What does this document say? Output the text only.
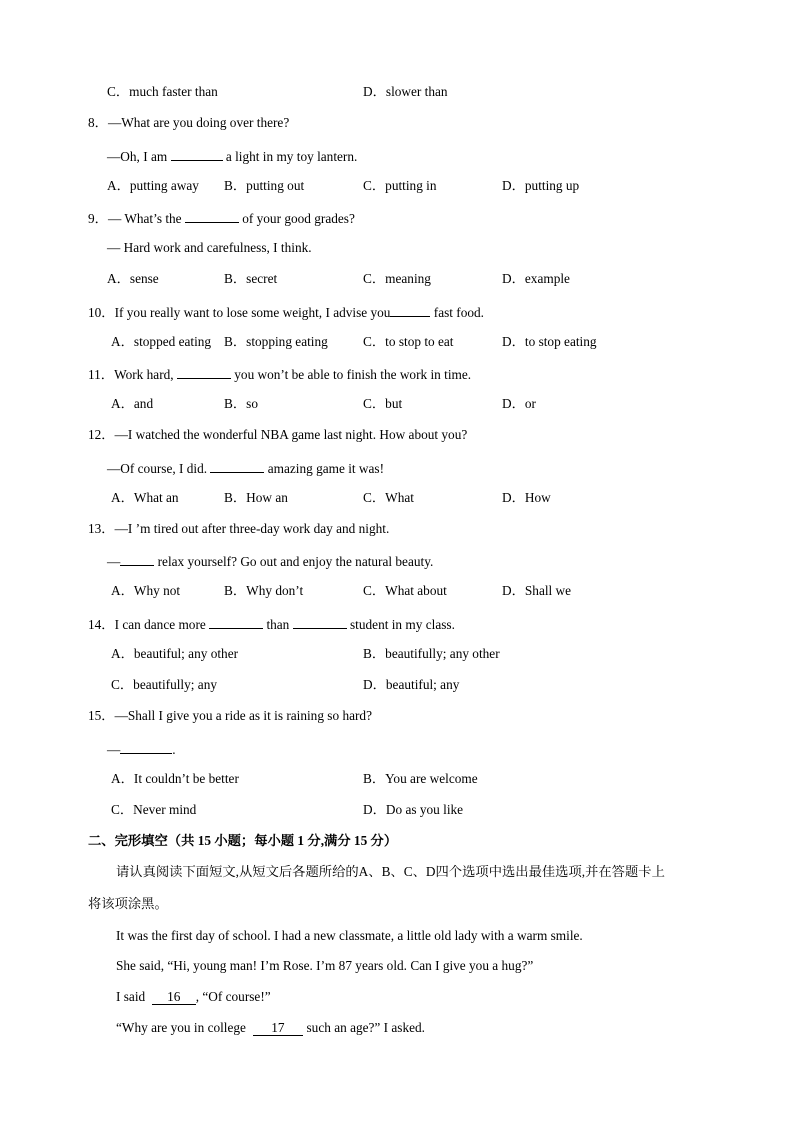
C．much faster than	D．slower than
8．—What are you doing over there?
—Oh, I am	a light in my toy lantern.
A．putting away B．putting out	C．putting in	D．putting up
9．— What’s the	of your good grades?
— Hard work and carefulness, I think.
A．sense	B．secret	C．meaning	D．example
10．If you really want to lose some weight, I advise you	fast food.
A．stopped eating B．stopping eating	C．to stop to eat	D．to stop eating
11．Work hard,	you won’t be able to finish the work in time.
A．and	B．so	C．but	D．or
12．—I watched the wonderful NBA game last night. How about you?
—Of course, I did.	amazing game it was!
A．What an	B．How an	C．What	D．How
13．—I ’m tired out after three-day work day and night.
—	relax yourself? Go out and enjoy the natural beauty.
A．Why not	B．Why don’t	C．What about	D．Shall we
14．I can dance more	than	student in my class.
A．beautiful; any other	B．beautifully; any other
C．beautifully; any	D．beautiful; any
15．—Shall I give you a ride as it is raining so hard?
—	.
A．It couldn’t be better	B．You are welcome
C．Never mind	D．Do as you like
二、完形填空（共 15 小题；每小题 1 分,满分 15 分）
请认真阅读下面短文,从短文后各题所给的A、B、C、D四个选项中选出最佳选项,并在答题卡上
将该项涂黑。
It was the first day of school. I had a new classmate, a little old lady with a warm smile.
She said, “Hi, young man! I’m Rose. I’m 87 years old. Can I give you a hug?”
I said 16 , “Of course!”
“Why are you in college 17 such an age?” I asked.
